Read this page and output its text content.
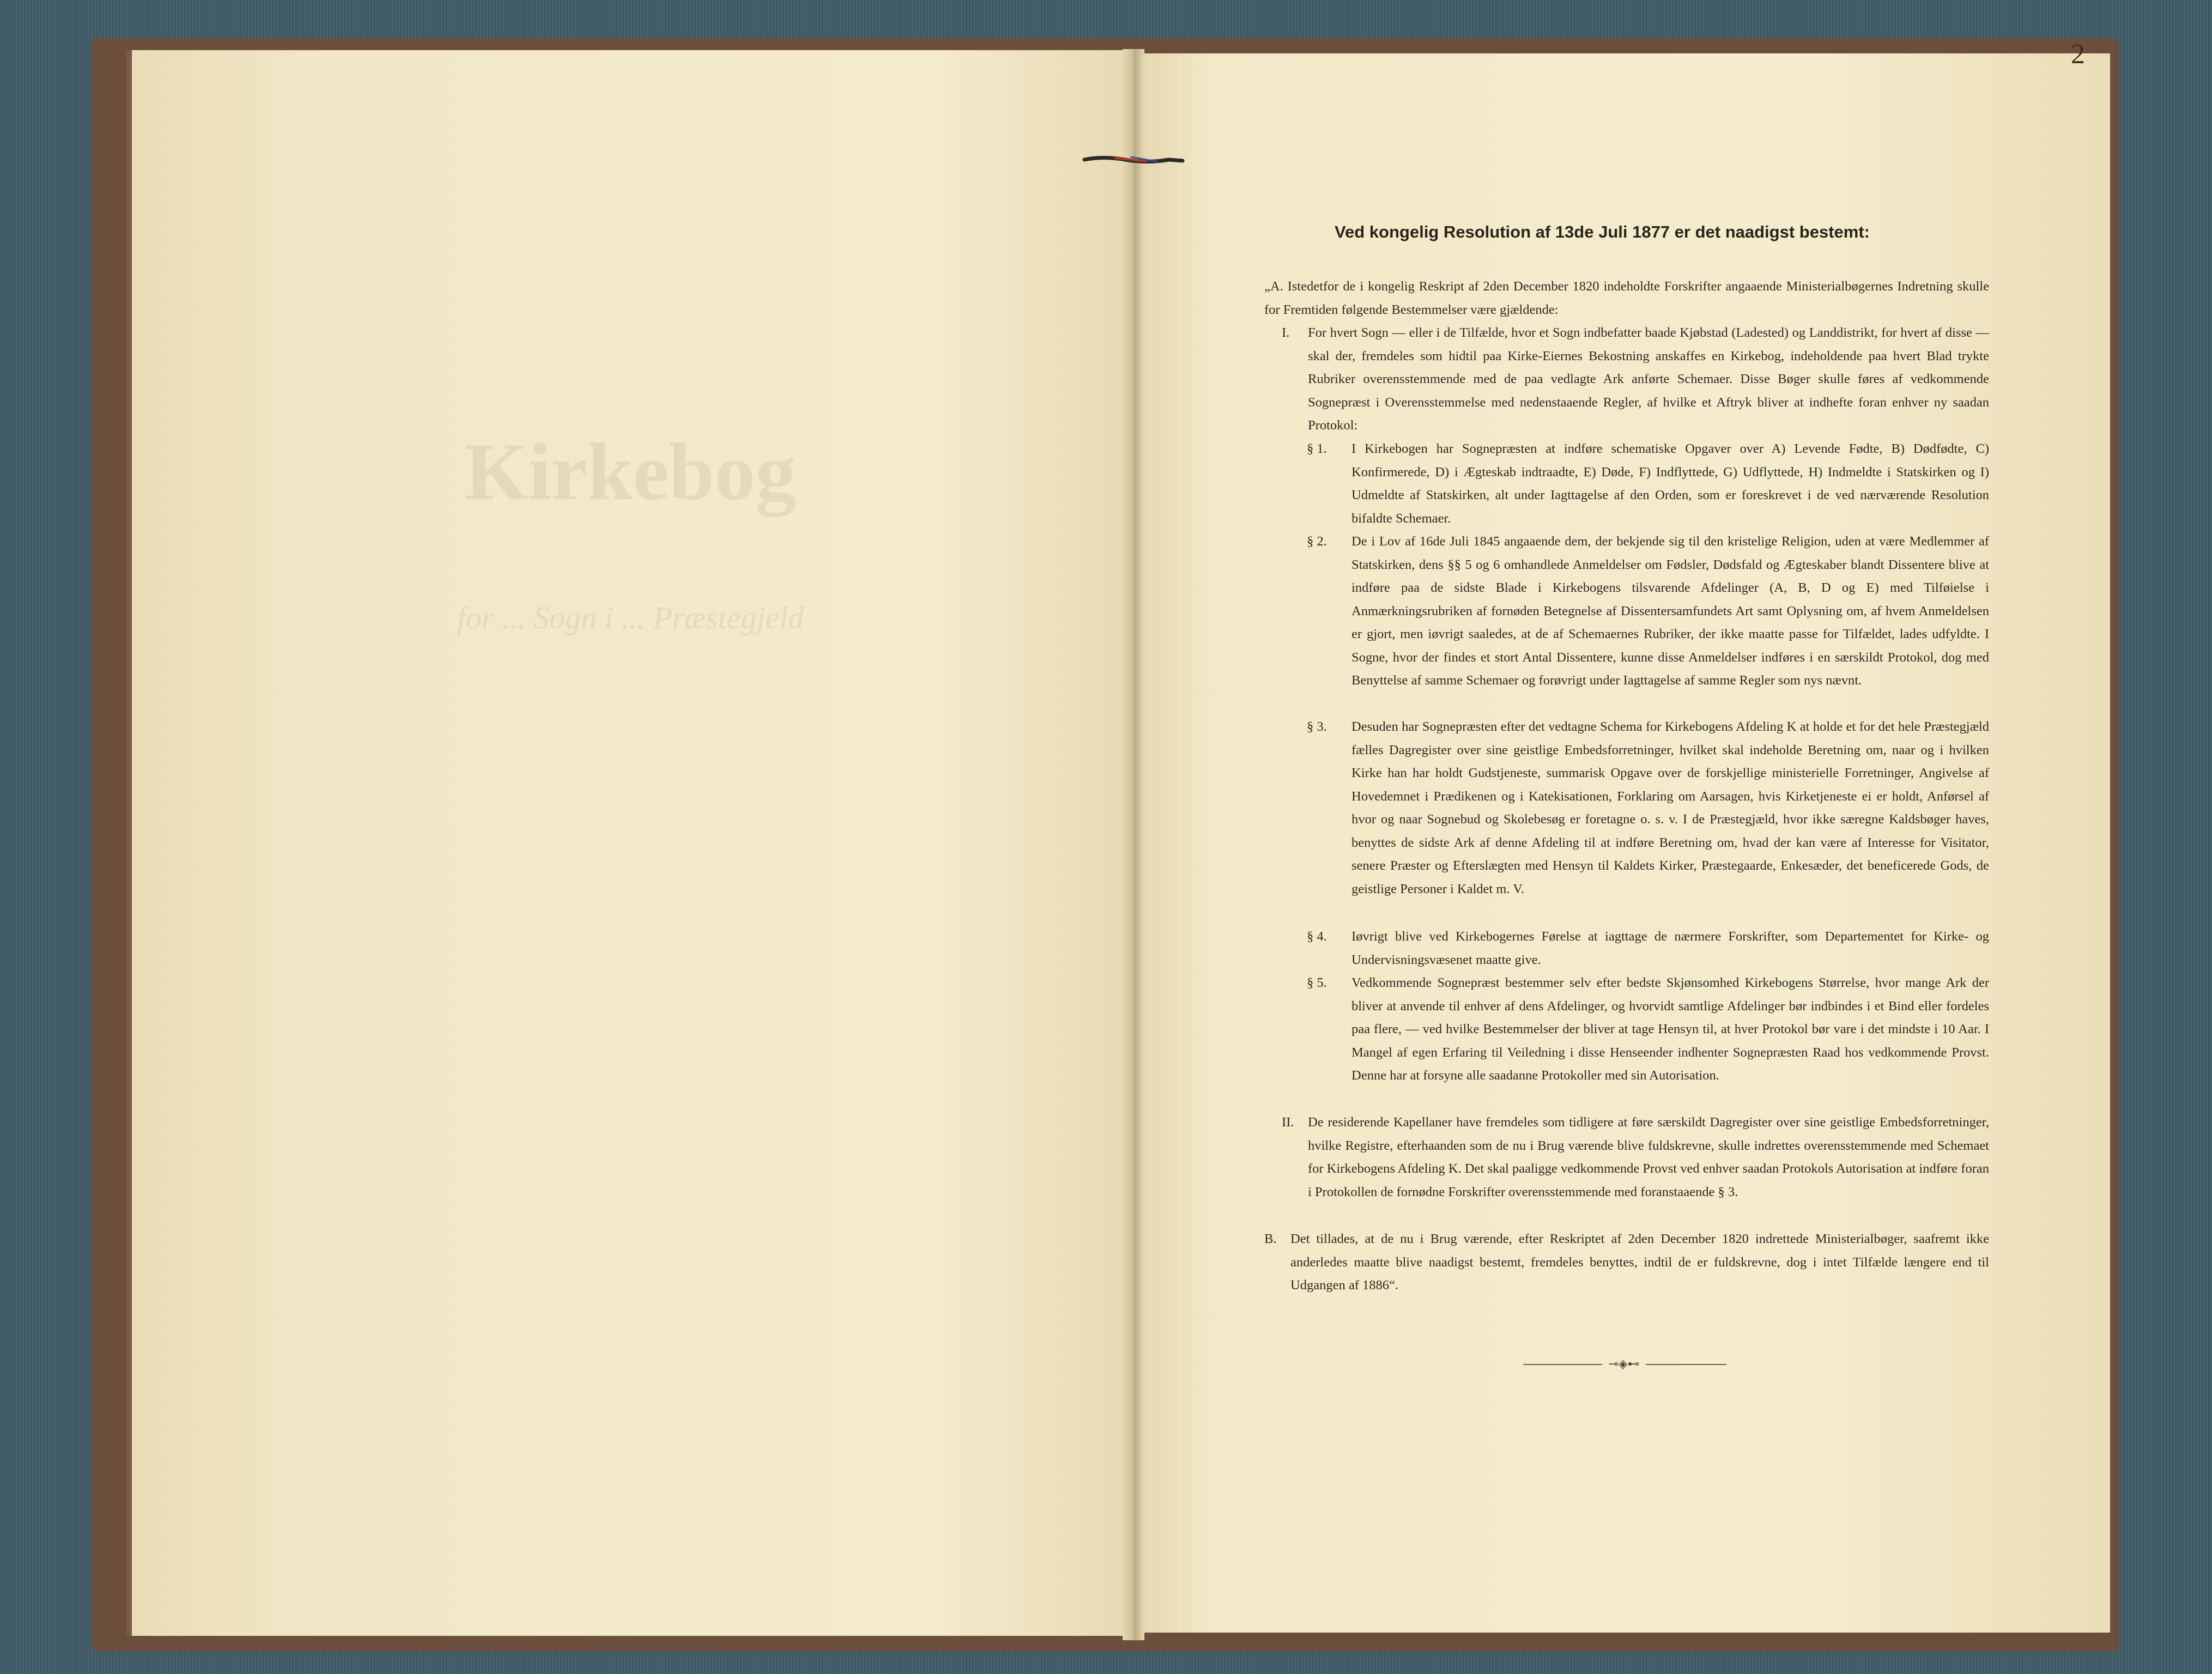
Kirkebog
for ... Sogn i ... Præstegjeld
2
Ved kongelig Resolution af 13de Juli 1877 er det naadigst bestemt:

„A. Istedetfor de i kongelig Reskript af 2den December 1820 indeholdte Forskrifter angaaende Ministerialbøgernes Indretning skulle for Fremtiden følgende Bestemmelser være gjældende:

I. For hvert Sogn — eller i de Tilfælde, hvor et Sogn indbefatter baade Kjøbstad (Ladested) og Landdistrikt, for hvert af disse — skal der, fremdeles som hidtil paa Kirke-Eiernes Bekostning anskaffes en Kirkebog, indeholdende paa hvert Blad trykte Rubriker overensstemmende med de paa vedlagte Ark anførte Schemaer. Disse Bøger skulle føres af vedkommende Sognepræst i Overensstemmelse med nedenstaaende Regler, af hvilke et Aftryk bliver at indhefte foran enhver ny saadan Protokol:

§ 1. I Kirkebogen har Sognepræsten at indføre schematiske Opgaver over A) Levende Fødte, B) Dødfødte, C) Konfirmerede, D) i Ægteskab indtraadte, E) Døde, F) Indflyttede, G) Udflyttede, H) Indmeldte i Statskirken og I) Udmeldte af Statskirken, alt under Iagttagelse af den Orden, som er foreskrevet i de ved nærværende Resolution bifaldte Schemaer.

§ 2. De i Lov af 16de Juli 1845 angaaende dem, der bekjende sig til den kristelige Religion, uden at være Medlemmer af Statskirken, dens §§ 5 og 6 omhandlede Anmeldelser om Fødsler, Dødsfald og Ægteskaber blandt Dissentere blive at indføre paa de sidste Blade i Kirkebogens tilsvarende Afdelinger (A, B, D og E) med Tilføielse i Anmærkningsrubriken af fornøden Betegnelse af Dissentersamfundets Art samt Oplysning om, af hvem Anmeldelsen er gjort, men iøvrigt saaledes, at de af Schemaernes Rubriker, der ikke maatte passe for Tilfældet, lades udfyldte. I Sogne, hvor der findes et stort Antal Dissentere, kunne disse Anmeldelser indføres i en særskildt Protokol, dog med Benyttelse af samme Schemaer og forøvrigt under Iagttagelse af samme Regler som nys nævnt.

§ 3. Desuden har Sognepræsten efter det vedtagne Schema for Kirkebogens Afdeling K at holde et for det hele Præstegjæld fælles Dagregister over sine geistlige Embedsforretninger, hvilket skal indeholde Beretning om, naar og i hvilken Kirke han har holdt Gudstjeneste, summarisk Opgave over de forskjellige ministerielle Forretninger, Angivelse af Hovedemnet i Prædikenen og i Katekisationen, Forklaring om Aarsagen, hvis Kirketjeneste ei er holdt, Anførsel af hvor og naar Sognebud og Skolebesøg er foretagne o. s. v. I de Præstegjæld, hvor ikke særegne Kaldsbøger haves, benyttes de sidste Ark af denne Afdeling til at indføre Beretning om, hvad der kan være af Interesse for Visitator, senere Præster og Efterslægten med Hensyn til Kaldets Kirker, Præstegaarde, Enkesæder, det beneficerede Gods, de geistlige Personer i Kaldet m. V.

§ 4. Iøvrigt blive ved Kirkebogernes Førelse at iagttage de nærmere Forskrifter, som Departementet for Kirke- og Undervisningsvæsenet maatte give.

§ 5. Vedkommende Sognepræst bestemmer selv efter bedste Skjønsomhed Kirkebogens Størrelse, hvor mange Ark der bliver at anvende til enhver af dens Afdelinger, og hvorvidt samtlige Afdelinger bør indbindes i et Bind eller fordeles paa flere, — ved hvilke Bestemmelser der bliver at tage Hensyn til, at hver Protokol bør vare i det mindste i 10 Aar. I Mangel af egen Erfaring til Veiledning i disse Henseender indhenter Sognepræsten Raad hos vedkommende Provst. Denne har at forsyne alle saadanne Protokoller med sin Autorisation.

II. De residerende Kapellaner have fremdeles som tidligere at føre særskildt Dagregister over sine geistlige Embedsforretninger, hvilke Registre, efterhaanden som de nu i Brug værende blive fuldskrevne, skulle indrettes overensstemmende med Schemaet for Kirkebogens Afdeling K. Det skal paaligge vedkommende Provst ved enhver saadan Protokols Autorisation at indføre foran i Protokollen de fornødne Forskrifter overensstemmende med foranstaaende § 3.

B. Det tillades, at de nu i Brug værende, efter Reskriptet af 2den December 1820 indrettede Ministerialbøger, saafremt ikke anderledes maatte blive naadigst bestemt, fremdeles benyttes, indtil de er fuldskrevne, dog i intet Tilfælde længere end til Udgangen af 1886“.

⊸◈⊷
